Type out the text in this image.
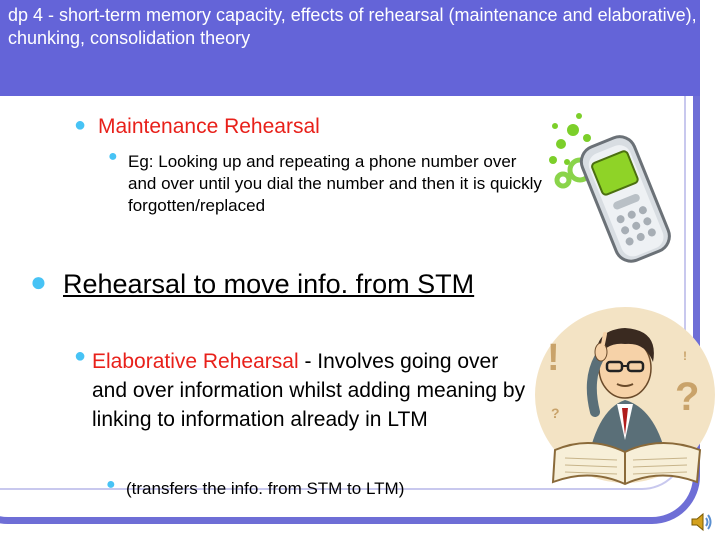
dp 4 - short-term memory capacity, effects of rehearsal (maintenance and elaborative), chunking, consolidation theory
● Maintenance Rehearsal
● Eg: Looking up and repeating a phone number over and over until you dial the number and then it is quickly forgotten/replaced
● Rehearsal to move info. from STM
● Elaborative Rehearsal - Involves going over and over information whilst adding meaning by linking to information already in LTM
● (transfers the info. from STM to LTM)
!
?
?
!
